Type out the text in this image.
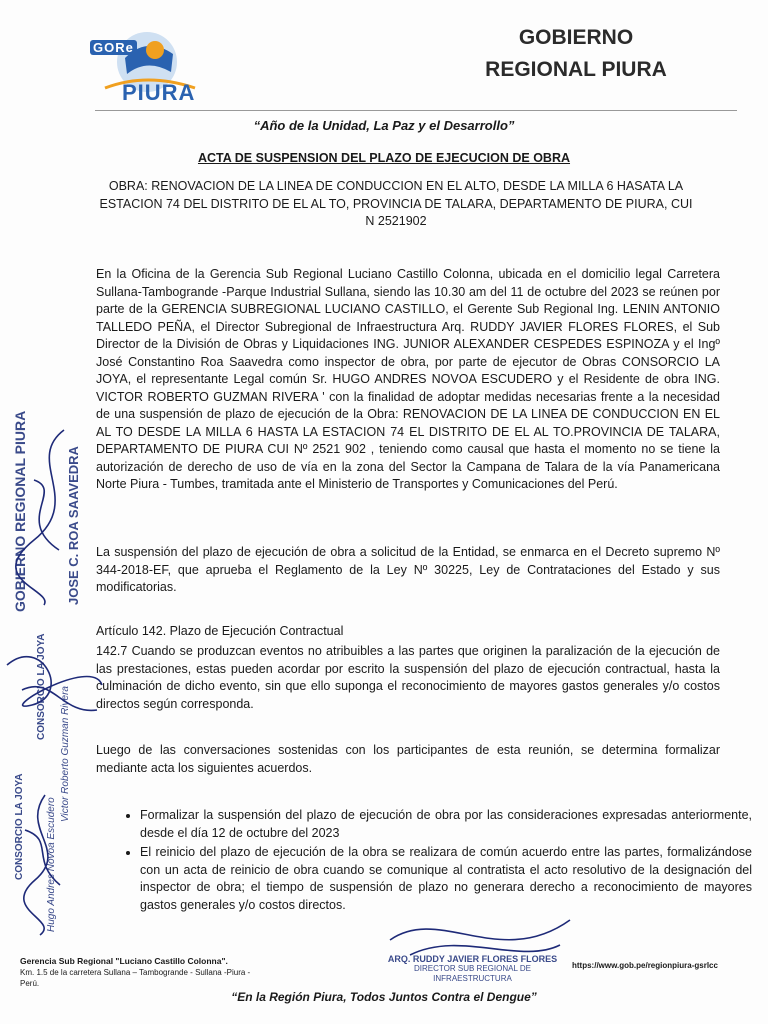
GORe
PIURA
GOBIERNO
REGIONAL PIURA
“Año de la Unidad, La Paz y el Desarrollo”
ACTA DE SUSPENSION DEL PLAZO DE EJECUCION DE OBRA
OBRA: RENOVACION DE LA LINEA DE CONDUCCION EN EL ALTO, DESDE LA MILLA 6 HASATA LA ESTACION 74 DEL DISTRITO DE EL AL TO, PROVINCIA DE TALARA, DEPARTAMENTO DE PIURA, CUI N 2521902
En la Oficina de la Gerencia Sub Regional Luciano Castillo Colonna, ubicada en el domicilio legal Carretera Sullana-Tambogrande -Parque Industrial Sullana, siendo las 10.30 am del 11 de octubre del 2023 se reúnen por parte de la GERENCIA SUBREGIONAL LUCIANO CASTILLO, el Gerente Sub Regional Ing. LENIN ANTONIO TALLEDO PEÑA, el Director Subregional de Infraestructura Arq. RUDDY JAVIER FLORES FLORES, el Sub Director de la División de Obras y Liquidaciones ING. JUNIOR ALEXANDER CESPEDES ESPINOZA y el Ingº José Constantino Roa Saavedra como inspector de obra, por parte de ejecutor de Obras CONSORCIO LA JOYA, el representante Legal común Sr. HUGO ANDRES NOVOA ESCUDERO y el Residente de obra ING. VICTOR ROBERTO GUZMAN RIVERA ' con la finalidad de adoptar medidas necesarias frente a la necesidad de una suspensión de plazo de ejecución de la Obra: RENOVACION DE LA LINEA DE CONDUCCION EN EL AL TO DESDE LA MILLA 6 HASTA LA ESTACION 74 EL DISTRITO DE EL AL TO.PROVINCIA DE TALARA, DEPARTAMENTO DE PIURA CUI Nº 2521 902 , teniendo como causal que hasta el momento no se tiene la autorización de derecho de uso de vía en la zona del Sector la Campana de Talara de la vía Panamericana Norte Piura - Tumbes, tramitada ante el Ministerio de Transportes y Comunicaciones del Perú.
La suspensión del plazo de ejecución de obra a solicitud de la Entidad, se enmarca en el Decreto supremo Nº 344-2018-EF, que aprueba el Reglamento de la Ley Nº 30225, Ley de Contrataciones del Estado y sus modificatorias.
Artículo 142. Plazo de Ejecución Contractual
142.7 Cuando se produzcan eventos no atribuibles a las partes que originen la paralización de la ejecución de las prestaciones, estas pueden acordar por escrito la suspensión del plazo de ejecución contractual, hasta la culminación de dicho evento, sin que ello suponga el reconocimiento de mayores gastos generales y/o costos directos según corresponda.
Luego de las conversaciones sostenidas con los participantes de esta reunión, se determina formalizar mediante acta los siguientes acuerdos.
• Formalizar la suspensión del plazo de ejecución de obra por las consideraciones expresadas anteriormente, desde el día 12 de octubre del 2023
• El reinicio del plazo de ejecución de la obra se realizara de común acuerdo entre las partes, formalizándose con un acta de reinicio de obra cuando se comunique al contratista el acto resolutivo de la designación del inspector de obra; el tiempo de suspensión de plazo no generara derecho a reconocimiento de mayores gastos generales y/o costos directos.
GOBIERNO REGIONAL PIURA	JOSE C. ROA SAAVEDRA
CONSORCIO LA JOYA Victor Roberto Guzman Rivera
CONSORCIO LA JOYA Hugo Andres Novoa Escudero
ARQ. RUDDY JAVIER FLORES FLORES
DIRECTOR SUB REGIONAL DE INFRAESTRUCTURA
Gerencia Sub Regional "Luciano Castillo Colonna".
Km. 1.5 de la carretera Sullana – Tambogrande - Sullana -Piura -Perú.
https://www.gob.pe/regionpiura-gsrlcc
“En la Región Piura, Todos Juntos Contra el Dengue”
